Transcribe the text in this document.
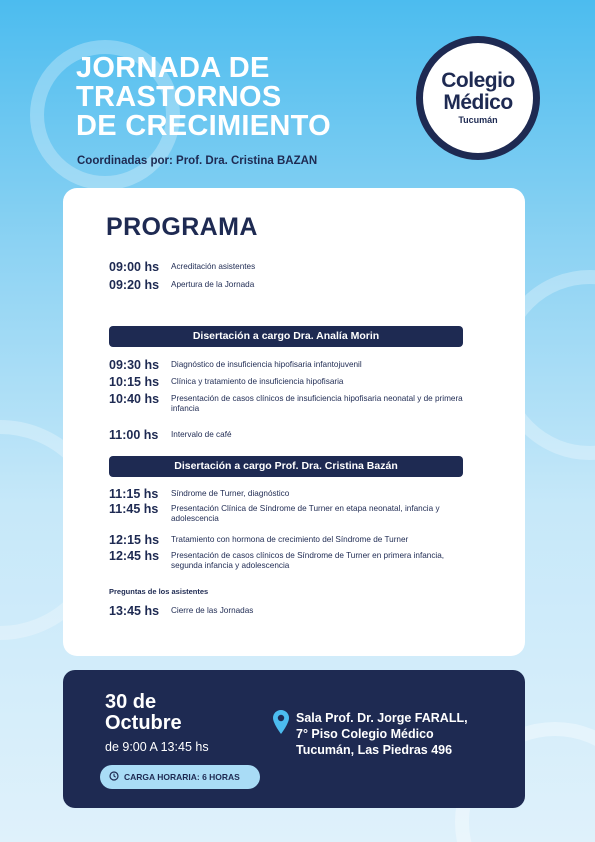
JORNADA DE
TRASTORNOS
DE CRECIMIENTO
Coordinadas por: Prof. Dra. Cristina BAZAN
Colegio
Médico
Tucumán
PROGRAMA
09:00 hs	Acreditación asistentes
09:20 hs	Apertura de la Jornada
Disertación a cargo Dra. Analía Morin
09:30 hs	Diagnóstico de insuficiencia hipofisaria infantojuvenil
10:15 hs	Clínica y tratamiento de insuficiencia hipofisaria
10:40 hs	Presentación de casos clínicos de insuficiencia hipofisaria neonatal y de primera infancia
11:00 hs	Intervalo de café
Disertación a cargo Prof. Dra. Cristina Bazán
11:15 hs	Síndrome de Turner, diagnóstico
11:45 hs	Presentación Clínica de Síndrome de Turner en etapa neonatal, infancia y adolescencia
12:15 hs	Tratamiento con hormona de crecimiento del Síndrome de Turner
12:45 hs	Presentación de casos clínicos de Síndrome de Turner en primera infancia, segunda infancia y adolescencia
Preguntas de los asistentes
13:45 hs	Cierre de las Jornadas
30 de
Octubre
de 9:00 A 13:45 hs
CARGA HORARIA: 6 HORAS
Sala Prof. Dr. Jorge FARALL,
7° Piso Colegio Médico
Tucumán, Las Piedras 496
